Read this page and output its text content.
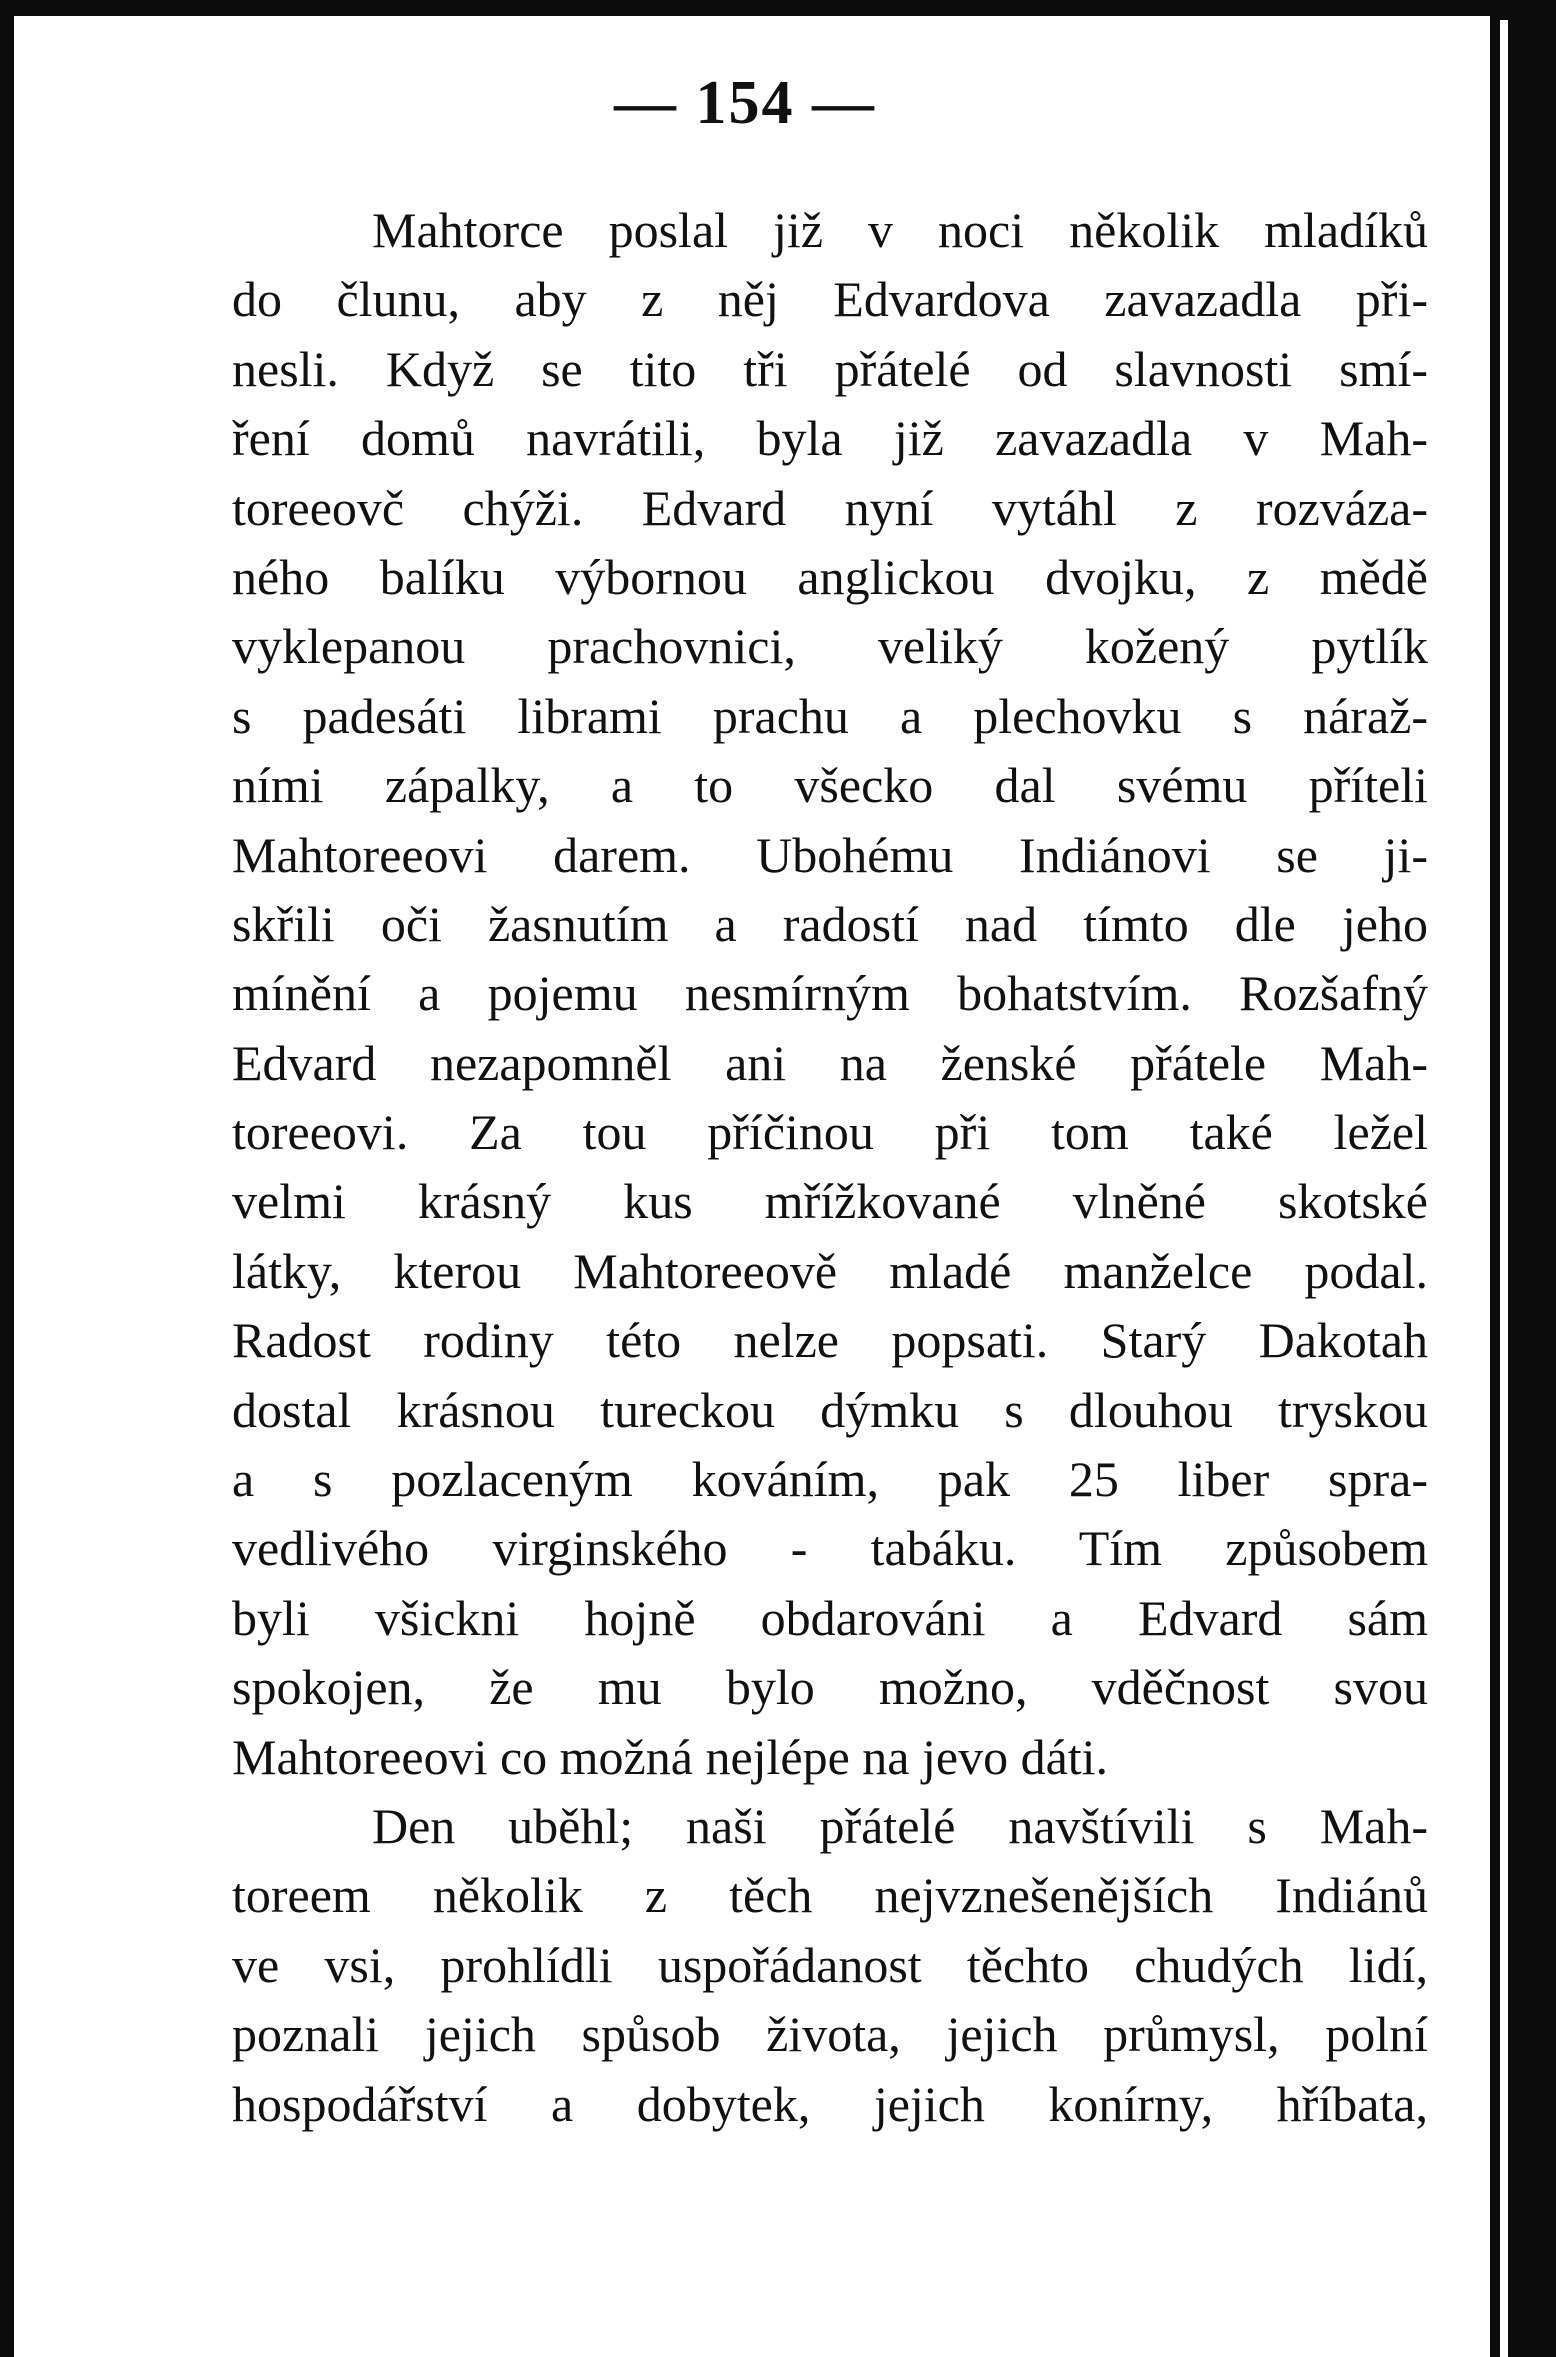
— 154 —
Mahtorce poslal již v noci několik mladíků
do člunu, aby z něj Edvardova zavazadla při-
nesli. Když se tito tři přátelé od slavnosti smí-
ření domů navrátili, byla již zavazadla v Mah-
toreeovč chýži. Edvard nyní vytáhl z rozváza-
ného balíku výbornou anglickou dvojku, z mědě
vyklepanou prachovnici, veliký kožený pytlík
s padesáti librami prachu a plechovku s nárаž-
ními zápalky, a to všecko dal svému příteli
Mahtoreeovi darem. Ubohému Indiánovi se ji-
skřili oči žasnutím a radostí nad tímto dle jeho
mínění a pojemu nesmírným bohatstvím. Rozšafný
Edvard nezapomněl ani na ženské přátele Mah-
toreeovi. Za tou příčinou při tom také ležel
velmi krásný kus mřížkované vlněné skotské
látky, kterou Mahtoreeově mladé manželce podal.
Radost rodiny této nelze popsati. Starý Dakotah
dostal krásnou tureckou dýmku s dlouhou tryskou
a s pozlaceným kováním, pak 25 liber spra-
vedlivého virginského - tabáku. Tím způsobem
byli všickni hojně obdarováni a Edvard sám
spokojen, že mu bylo možno, vděčnost svou
Mahtoreeovi co možná nejlépe na jevo dáti.
Den uběhl; naši přátelé navštívili s Mah-
toreem několik z těch nejvznešenějších Indiánů
ve vsi, prohlídli uspořádanost těchto chudých lidí,
poznali jejich spůsob života, jejich průmysl, polní
hospodářství a dobytek, jejich konírny, hříbata,
